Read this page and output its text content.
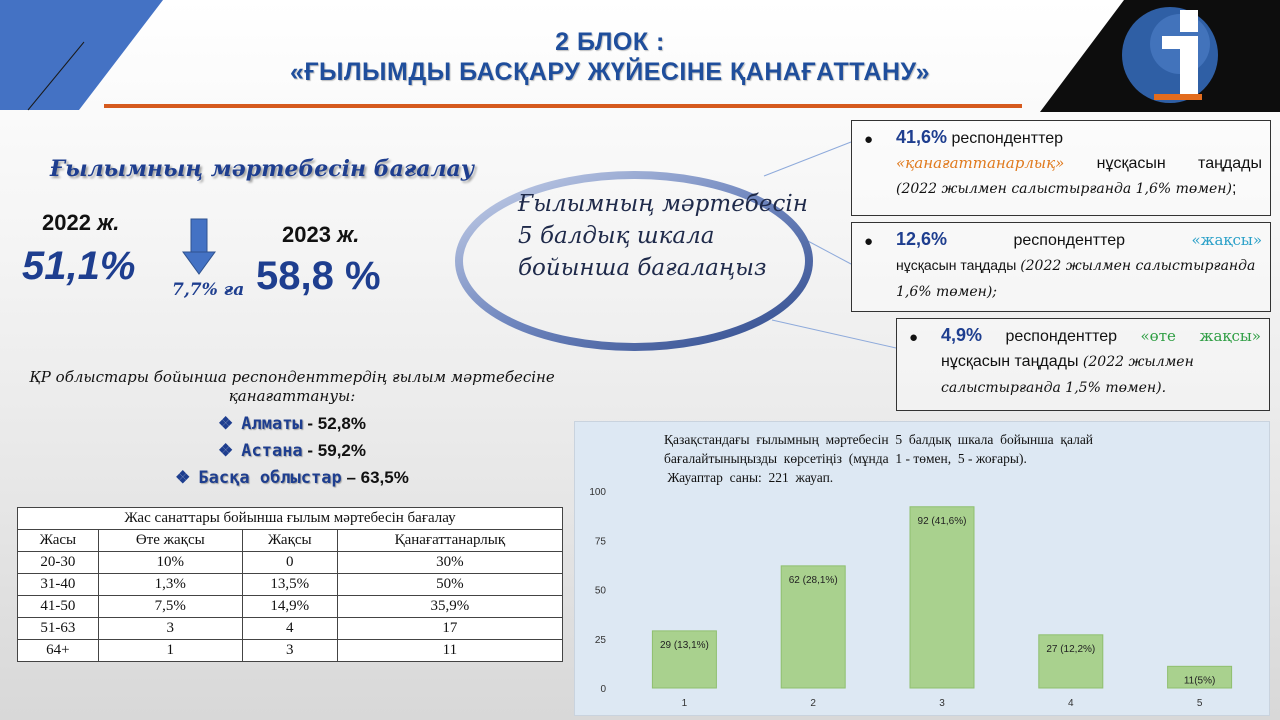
2 БЛОК :
«ҒЫЛЫМДЫ БАСҚАРУ ЖҮЙЕСІНЕ ҚАНАҒАТТАНУ»
Ғылымның мәртебесін бағалау
2022 ж.
51,1%
7,7% ға
2023 ж.
58,8 %
Ғылымның мәртебесін 5 балдық шкала бойынша бағалаңыз
● 41,6% респонденттер
«қанағаттанарлық» нұсқасын таңдады
(2022 жылмен салыстырғанда 1,6% төмен);
● 12,6%	респонденттер	«жақсы»
нұсқасын таңдады (2022 жылмен салыстырғанда 1,6% төмен);
● 4,9% респонденттер «өте жақсы»
нұсқасын таңдады (2022 жылмен салыстырғанда 1,5% төмен).
ҚР облыстары бойынша респонденттердің ғылым мәртебесіне қанағаттануы:
❖ Алматы - 52,8%
❖ Астана - 59,2%
❖ Басқа облыстар – 63,5%
Жас санаттары бойынша ғылым мәртебесін бағалау			
Жасы	Өте жақсы	Жақсы	Қанағаттанарлық
20-30	10%	0	30%
31-40	1,3%	13,5%	50%
41-50	7,5%	14,9%	35,9%
51-63	3	4	17
64+	1	3	11
0
25
50
75
100
29 (13,1%)
1
62 (28,1%)
2
92 (41,6%)
3
27 (12,2%)
4
11(5%)
5
Қазақстандағы  ғылымның  мәртебесін  5  балдық  шкала  бойынша  қалай
бағалайтыныңызды  көрсетіңіз  (мұнда  1 - төмен,  5 - жоғары).
Жауаптар  саны:  221  жауап.
